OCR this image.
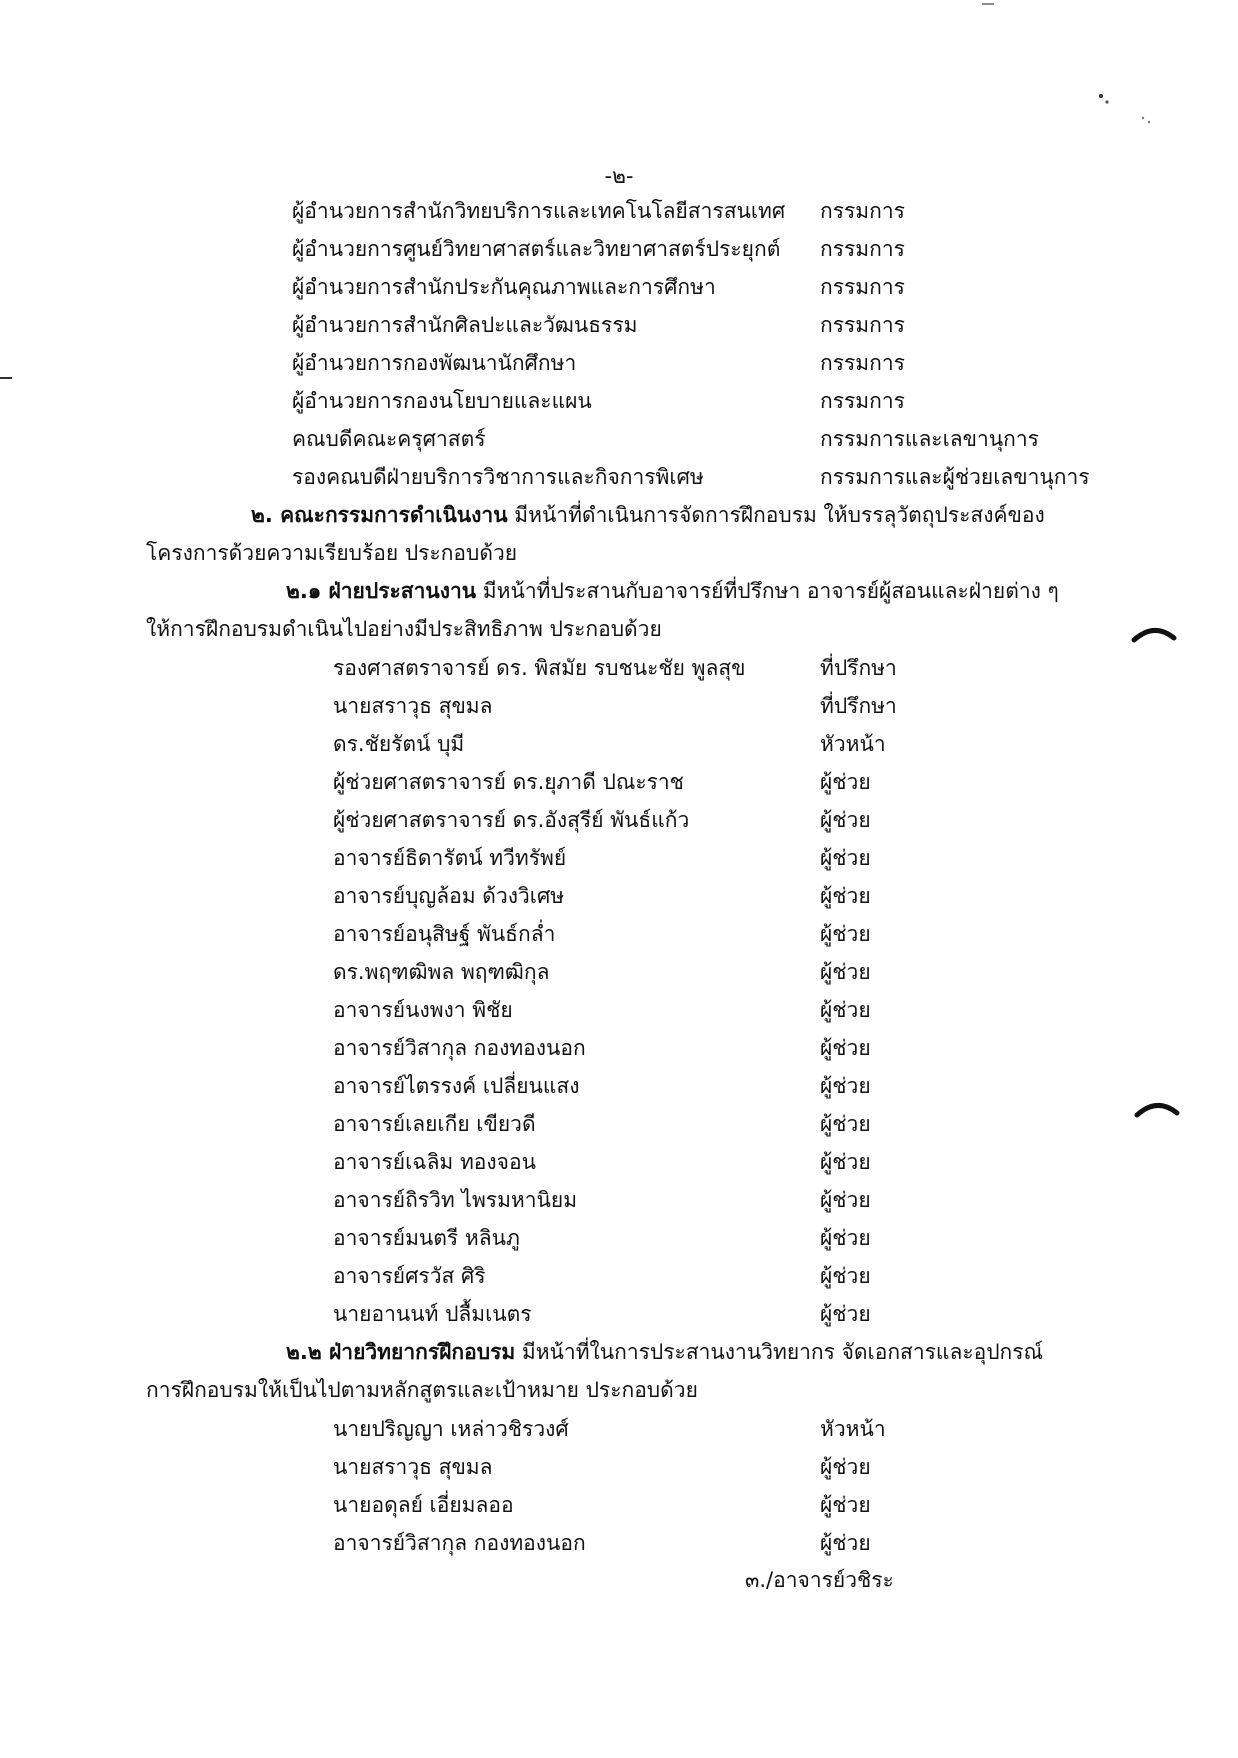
-๒-
ผู้อำนวยการสำนักวิทยบริการและเทคโนโลยีสารสนเทศ กรรมการ
ผู้อำนวยการศูนย์วิทยาศาสตร์และวิทยาศาสตร์ประยุกต์ กรรมการ
ผู้อำนวยการสำนักประกันคุณภาพและการศึกษา	กรรมการ
ผู้อำนวยการสำนักศิลปะและวัฒนธรรม	กรรมการ
ผู้อำนวยการกองพัฒนานักศึกษา	กรรมการ
ผู้อำนวยการกองนโยบายและแผน	กรรมการ
คณบดีคณะครุศาสตร์	กรรมการและเลขานุการ
รองคณบดีฝ่ายบริการวิชาการและกิจการพิเศษ	กรรมการและผู้ช่วยเลขานุการ
๒. คณะกรรมการดำเนินงาน มีหน้าที่ดำเนินการจัดการฝึกอบรม ให้บรรลุวัตถุประสงค์ของ
โครงการด้วยความเรียบร้อย ประกอบด้วย
๒.๑ ฝ่ายประสานงาน มีหน้าที่ประสานกับอาจารย์ที่ปรึกษา อาจารย์ผู้สอนและฝ่ายต่าง ๆ
ให้การฝึกอบรมดำเนินไปอย่างมีประสิทธิภาพ ประกอบด้วย
รองศาสตราจารย์ ดร. พิสมัย รบชนะชัย พูลสุข	ที่ปรึกษา
นายสราวุธ สุขมล	ที่ปรึกษา
ดร.ชัยรัตน์ บุมี	หัวหน้า
ผู้ช่วยศาสตราจารย์ ดร.ยุภาดี ปณะราช	ผู้ช่วย
ผู้ช่วยศาสตราจารย์ ดร.อังสุรีย์ พันธ์แก้ว	ผู้ช่วย
อาจารย์ธิดารัตน์ ทวีทรัพย์	ผู้ช่วย
อาจารย์บุญล้อม ด้วงวิเศษ	ผู้ช่วย
อาจารย์อนุสิษฐ์ พันธ์กล่ำ	ผู้ช่วย
ดร.พฤฑฒิพล พฤฑฒิกุล	ผู้ช่วย
อาจารย์นงพงา พิชัย	ผู้ช่วย
อาจารย์วิสากุล กองทองนอก	ผู้ช่วย
อาจารย์ไตรรงค์ เปลี่ยนแสง	ผู้ช่วย
อาจารย์เลยเกีย เขียวดี	ผู้ช่วย
อาจารย์เฉลิม ทองจอน	ผู้ช่วย
อาจารย์ถิรวิท ไพรมหานิยม	ผู้ช่วย
อาจารย์มนตรี หลินภู	ผู้ช่วย
อาจารย์ศรวัส ศิริ	ผู้ช่วย
นายอานนท์ ปลื้มเนตร	ผู้ช่วย
๒.๒ ฝ่ายวิทยากรฝึกอบรม มีหน้าที่ในการประสานงานวิทยากร จัดเอกสารและอุปกรณ์
การฝึกอบรมให้เป็นไปตามหลักสูตรและเป้าหมาย ประกอบด้วย
นายปริญญา เหล่าวชิรวงศ์	หัวหน้า
นายสราวุธ สุขมล	ผู้ช่วย
นายอดุลย์ เอี่ยมลออ	ผู้ช่วย
อาจารย์วิสากุล กองทองนอก	ผู้ช่วย
๓./อาจารย์วชิระ
